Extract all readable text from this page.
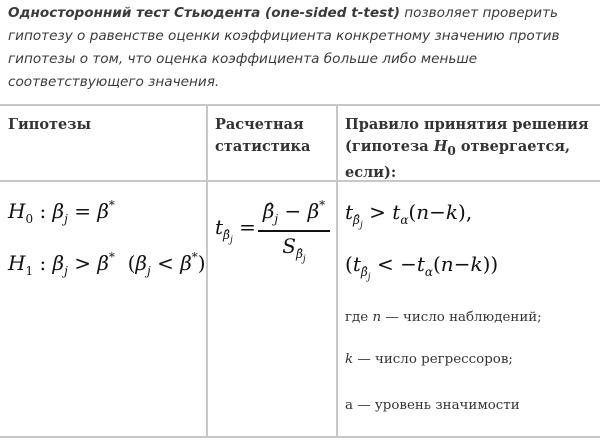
Односторонний тест Стьюдента (one-sided t-test) позволяет проверить гипотезу о равенстве оценки коэффициента конкретному значению против гипотезы о том, что оценка коэффициента больше либо меньше соответствующего значения.
Гипотезы	Расчетная
статистика
Правило принятия решения
(гипотеза $H_0$ отвергается,
если):
$H_0$ : $\beta_j = \beta^*$
$H_1$ : $\beta_j > \beta^*$  $(\beta_j < \beta^*)$
$t_{\betâ_j}$ =
$\betâ_j - \beta^*$
$S_{\betâ_j}$
$t_{\betâ_j} > t_\alpha(n-k)$,
$(t_{\betâ_j} < -t_\alpha(n-k))$
где n — число наблюдений;
k — число регрессоров;
a — уровень значимости
